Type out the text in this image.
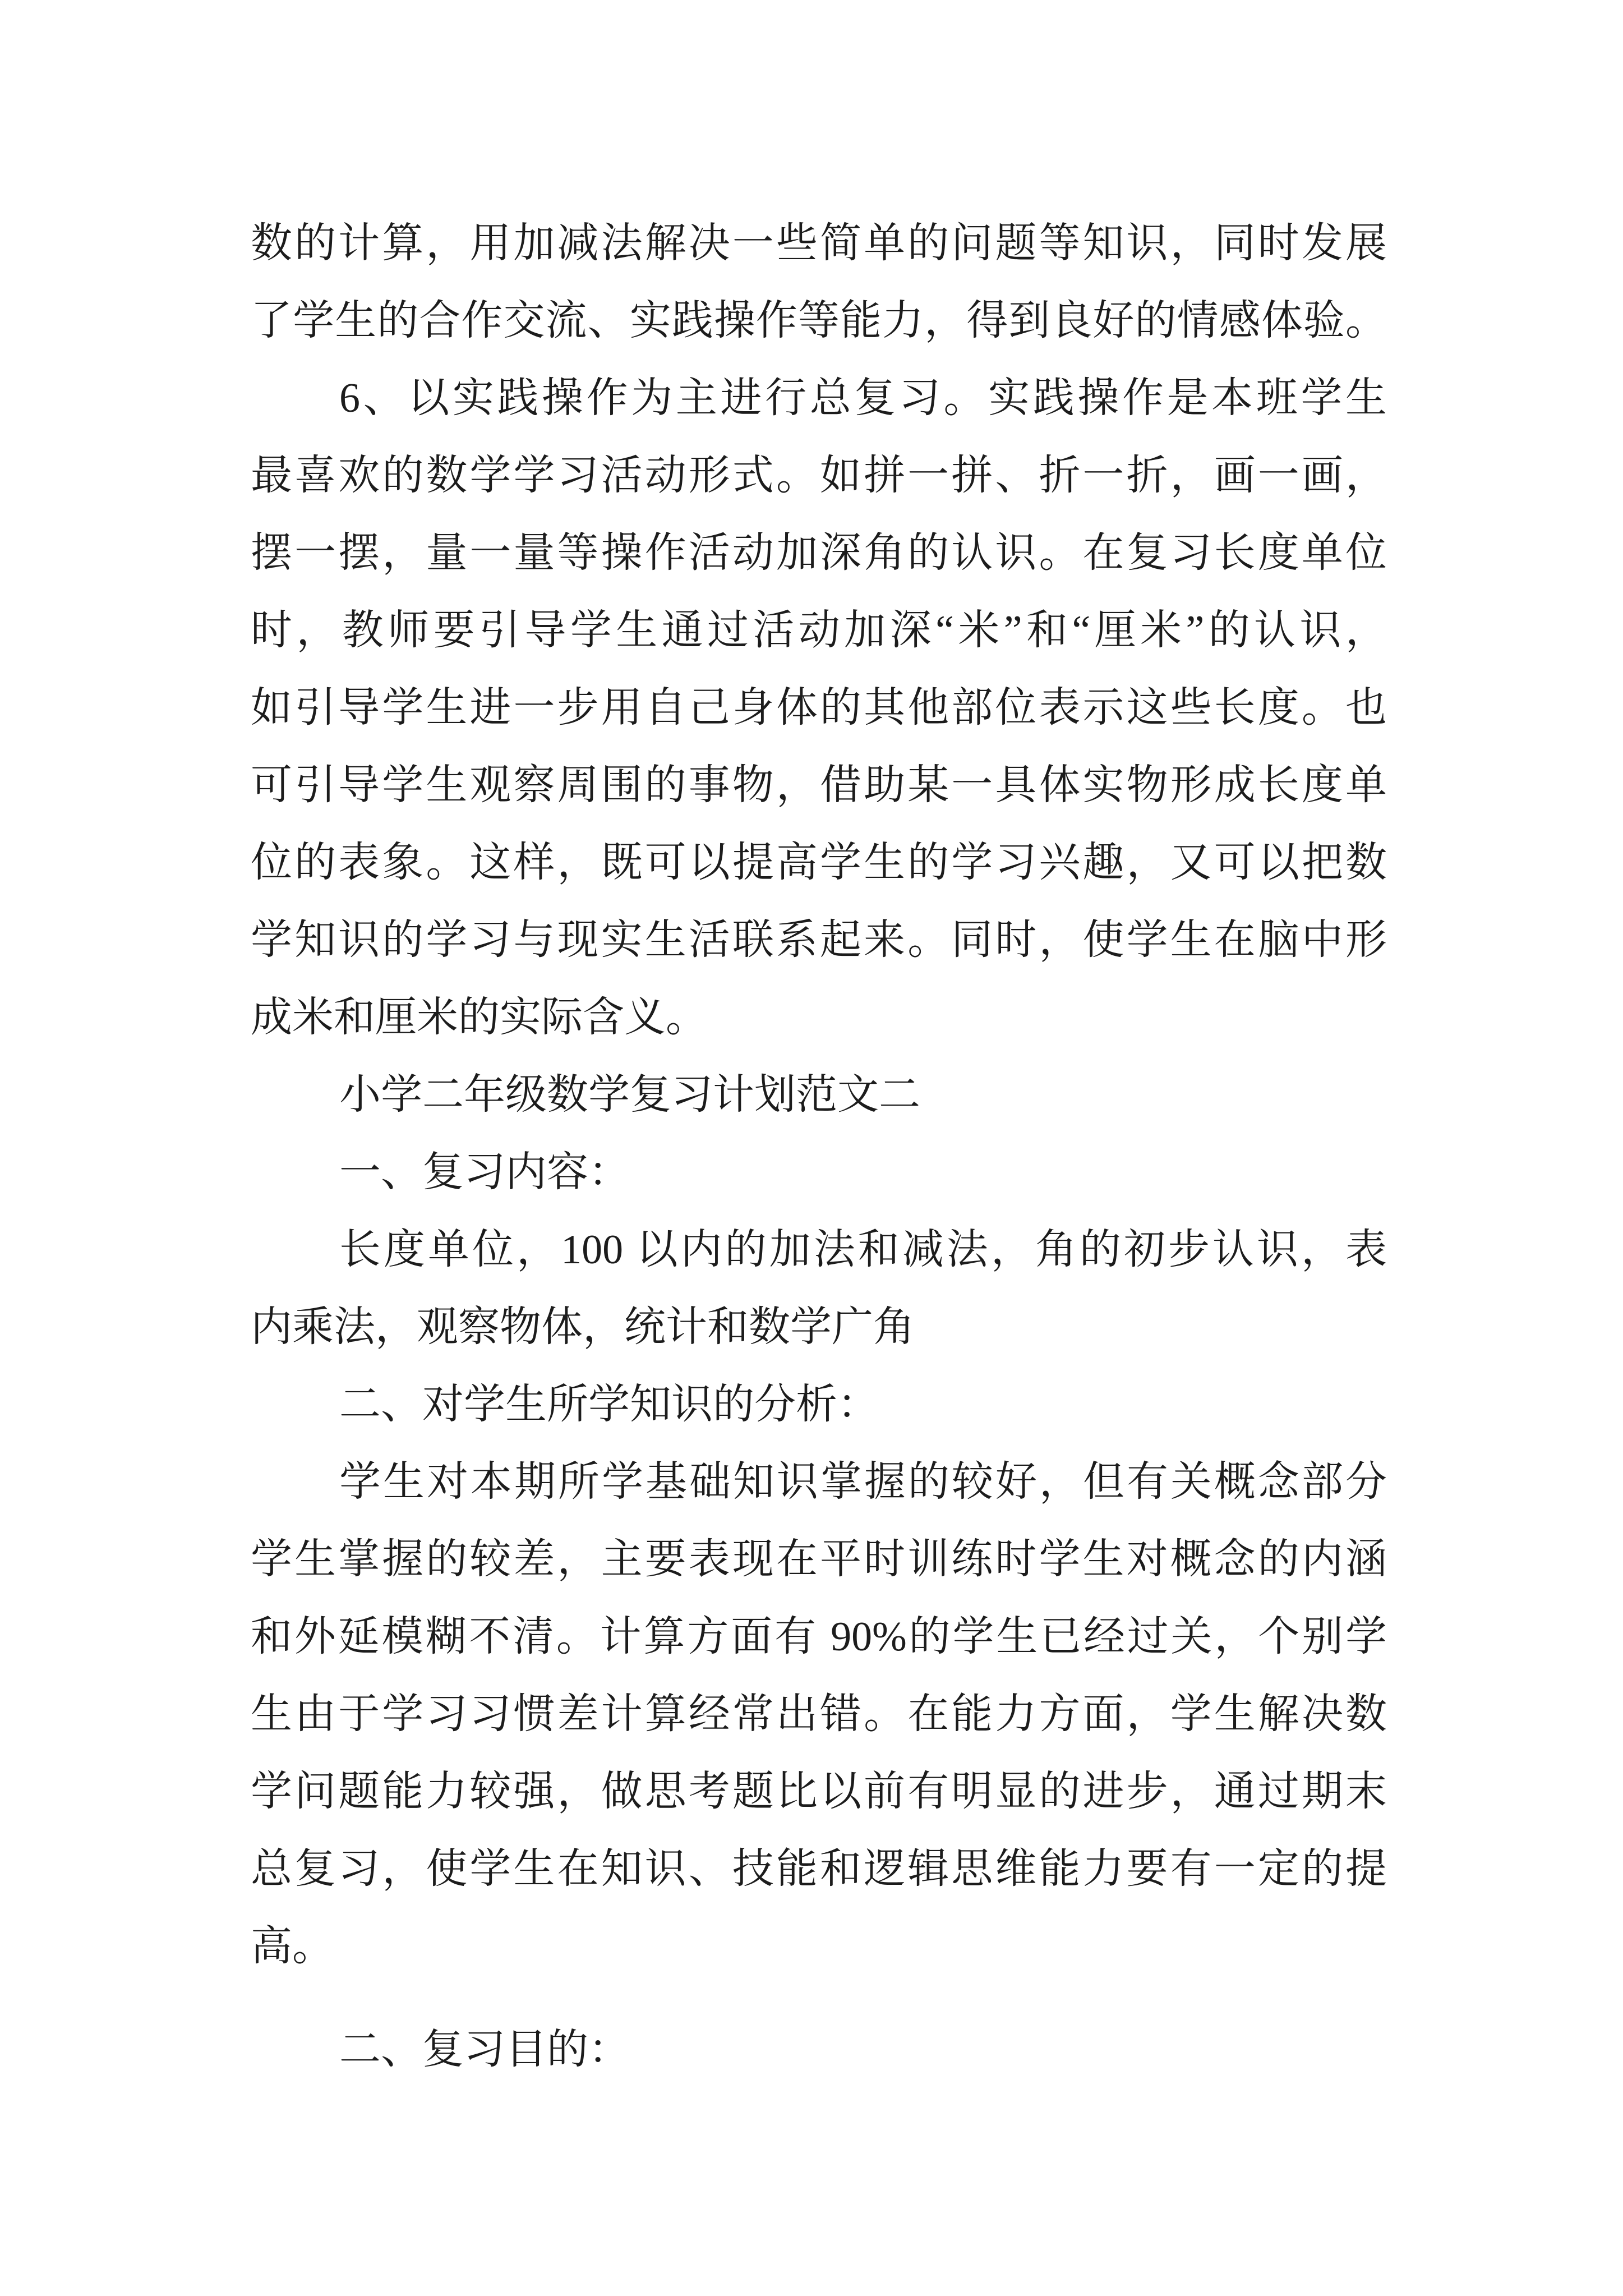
数的计算，用加减法解决一些简单的问题等知识，同时发展
了学生的合作交流、实践操作等能力，得到良好的情感体验。
6、以实践操作为主进行总复习。实践操作是本班学生
最喜欢的数学学习活动形式。如拼一拼、折一折，画一画，
摆一摆，量一量等操作活动加深角的认识。在复习长度单位
时，教师要引导学生通过活动加深“米”和“厘米”的认识，
如引导学生进一步用自己身体的其他部位表示这些长度。也
可引导学生观察周围的事物，借助某一具体实物形成长度单
位的表象。这样，既可以提高学生的学习兴趣，又可以把数
学知识的学习与现实生活联系起来。同时，使学生在脑中形
成米和厘米的实际含义。
小学二年级数学复习计划范文二
一、复习内容：
长度单位，100 以内的加法和减法，角的初步认识，表
内乘法，观察物体，统计和数学广角
二、对学生所学知识的分析：
学生对本期所学基础知识掌握的较好，但有关概念部分
学生掌握的较差，主要表现在平时训练时学生对概念的内涵
和外延模糊不清。计算方面有 90%的学生已经过关，个别学
生由于学习习惯差计算经常出错。在能力方面，学生解决数
学问题能力较强，做思考题比以前有明显的进步，通过期末
总复习，使学生在知识、技能和逻辑思维能力要有一定的提
高。
二、复习目的：
